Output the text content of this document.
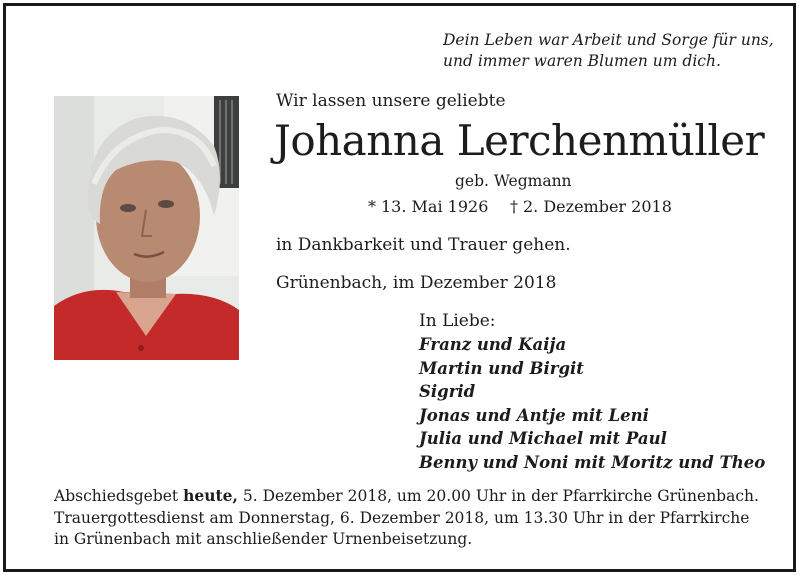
Dein Leben war Arbeit und Sorge für uns,
und immer waren Blumen um dich.
Wir lassen unsere geliebte
Johanna Lerchenmüller
geb. Wegmann
* 13. Mai 1926 † 2. Dezember 2018
in Dankbarkeit und Trauer gehen.
Grünenbach, im Dezember 2018
In Liebe:
Franz und Kaija
Martin und Birgit
Sigrid
Jonas und Antje mit Leni
Julia und Michael mit Paul
Benny und Noni mit Moritz und Theo
Abschiedsgebet heute, 5. Dezember 2018, um 20.00 Uhr in der Pfarrkirche Grünenbach.
Trauergottesdienst am Donnerstag, 6. Dezember 2018, um 13.30 Uhr in der Pfarrkirche
in Grünenbach mit anschließender Urnenbeisetzung.
